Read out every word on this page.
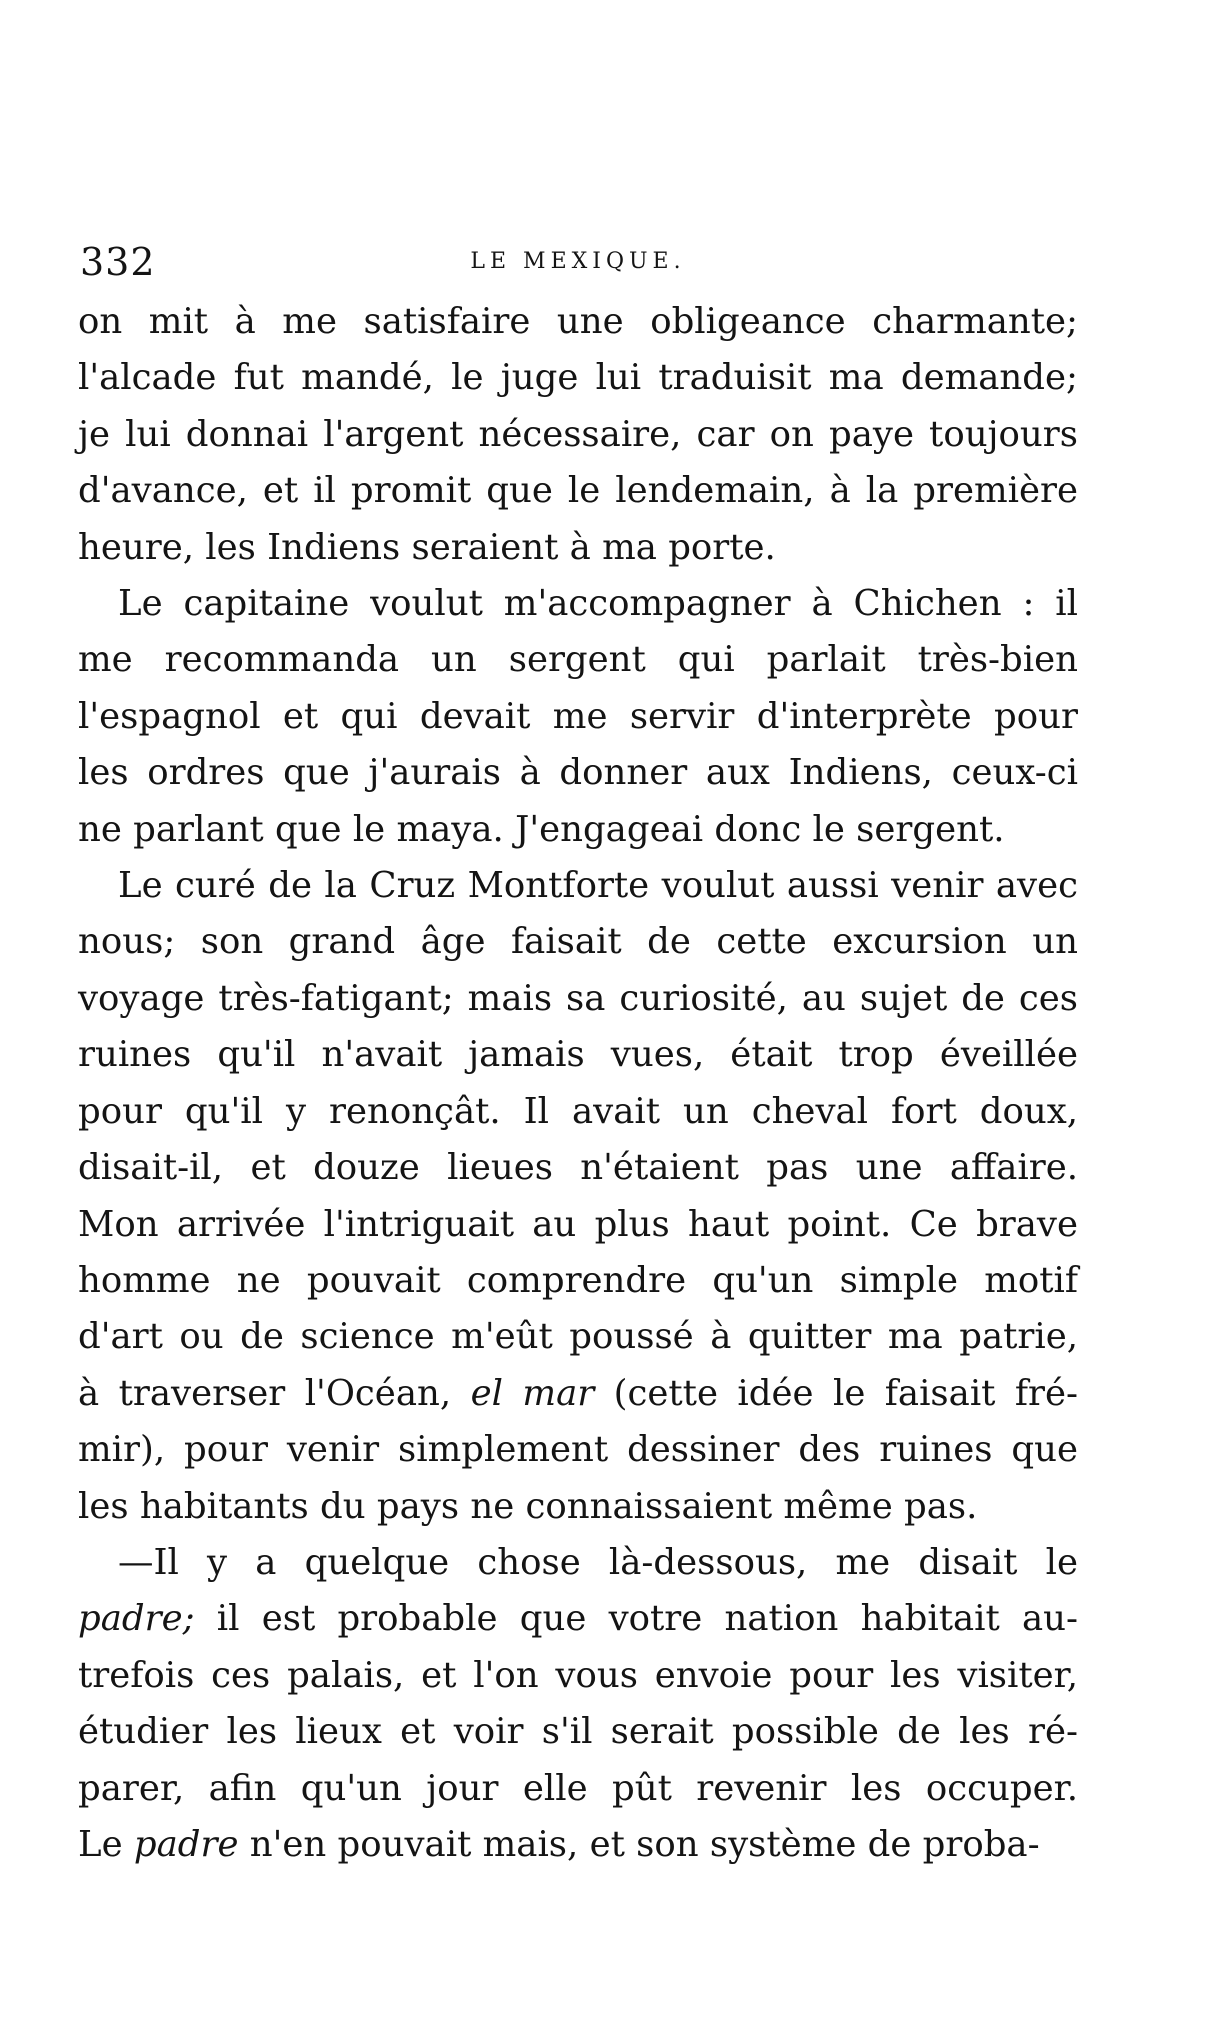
332	LE MEXIQUE.

on mit à me satisfaire une obligeance charmante;
l'alcade fut mandé, le juge lui traduisit ma demande;
je lui donnai l'argent nécessaire, car on paye toujours
d'avance, et il promit que le lendemain, à la première
heure, les Indiens seraient à ma porte.

Le capitaine voulut m'accompagner à Chichen : il
me recommanda un sergent qui parlait très-bien
l'espagnol et qui devait me servir d'interprète pour
les ordres que j'aurais à donner aux Indiens, ceux-ci
ne parlant que le maya. J'engageai donc le sergent.

Le curé de la Cruz Montforte voulut aussi venir avec
nous; son grand âge faisait de cette excursion un
voyage très-fatigant; mais sa curiosité, au sujet de ces
ruines qu'il n'avait jamais vues, était trop éveillée
pour qu'il y renonçât. Il avait un cheval fort doux,
disait-il, et douze lieues n'étaient pas une affaire.
Mon arrivée l'intriguait au plus haut point. Ce brave
homme ne pouvait comprendre qu'un simple motif
d'art ou de science m'eût poussé à quitter ma patrie,
à traverser l'Océan, el mar (cette idée le faisait fré-
mir), pour venir simplement dessiner des ruines que
les habitants du pays ne connaissaient même pas.

—Il y a quelque chose là-dessous, me disait le
padre; il est probable que votre nation habitait au-
trefois ces palais, et l'on vous envoie pour les visiter,
étudier les lieux et voir s'il serait possible de les ré-
parer, afin qu'un jour elle pût revenir les occuper.
Le padre n'en pouvait mais, et son système de proba-
